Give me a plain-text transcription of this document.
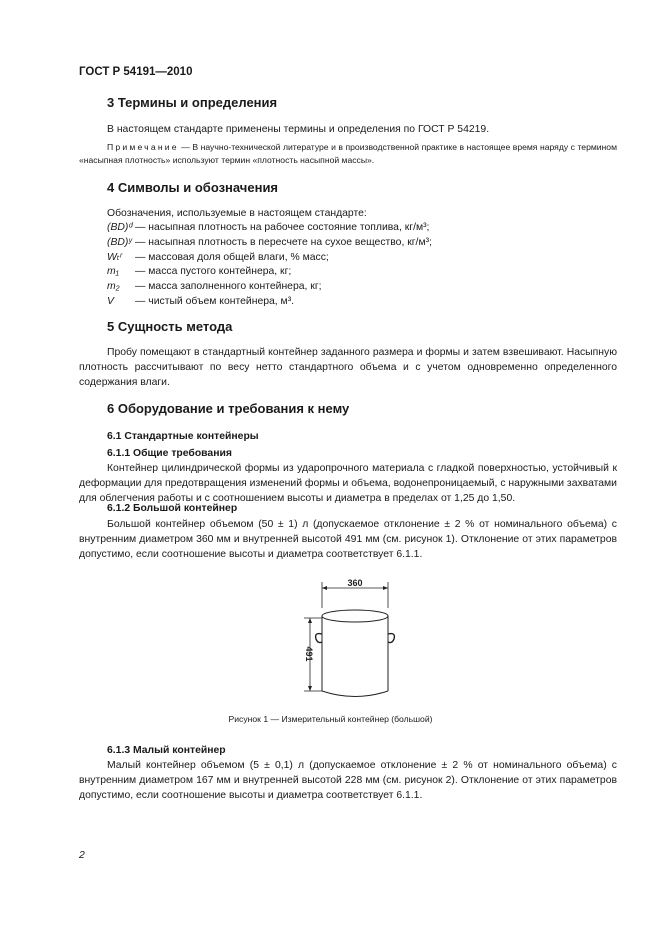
ГОСТ Р 54191—2010
3 Термины и определения
В настоящем стандарте применены термины и определения по ГОСТ Р 54219.
Примечание — В научно-технической литературе и в производственной практике в настоящее время наряду с термином «насыпная плотность» используют термин «плотность насыпной массы».
4 Символы и обозначения
Обозначения, используемые в настоящем стандарте:
(BD)ᵈ — насыпная плотность на рабочее состояние топлива, кг/м³;
(BD)ʸ — насыпная плотность в пересчете на сухое вещество, кг/м³;
Wₜʳ	— массовая доля общей влаги, % масс;
m₁	— масса пустого контейнера, кг;
m₂	— масса заполненного контейнера, кг;
V	— чистый объем контейнера, м³.
5 Сущность метода
Пробу помещают в стандартный контейнер заданного размера и формы и затем взвешивают. Насыпную плотность рассчитывают по весу нетто стандартного объема и с учетом одновременно определенного содержания влаги.
6 Оборудование и требования к нему
6.1 Стандартные контейнеры
6.1.1 Общие требования
Контейнер цилиндрической формы из ударопрочного материала с гладкой поверхностью, устойчивый к деформации для предотвращения изменений формы и объема, водонепроницаемый, с наружными захватами для облегчения работы и с соотношением высоты и диаметра в пределах от 1,25 до 1,50.
6.1.2 Большой контейнер
Большой контейнер объемом (50 ± 1) л (допускаемое отклонение ± 2 % от номинального объема) с внутренним диаметром 360 мм и внутренней высотой 491 мм (см. рисунок 1). Отклонение от этих параметров допустимо, если соотношение высоты и диаметра соответствует 6.1.1.
360
491
Рисунок 1 — Измерительный контейнер (большой)
6.1.3 Малый контейнер
Малый контейнер объемом (5 ± 0,1) л (допускаемое отклонение ± 2 % от номинального объема) с внутренним диаметром 167 мм и внутренней высотой 228 мм (см. рисунок 2). Отклонение от этих параметров допустимо, если соотношение высоты и диаметра соответствует 6.1.1.
2
